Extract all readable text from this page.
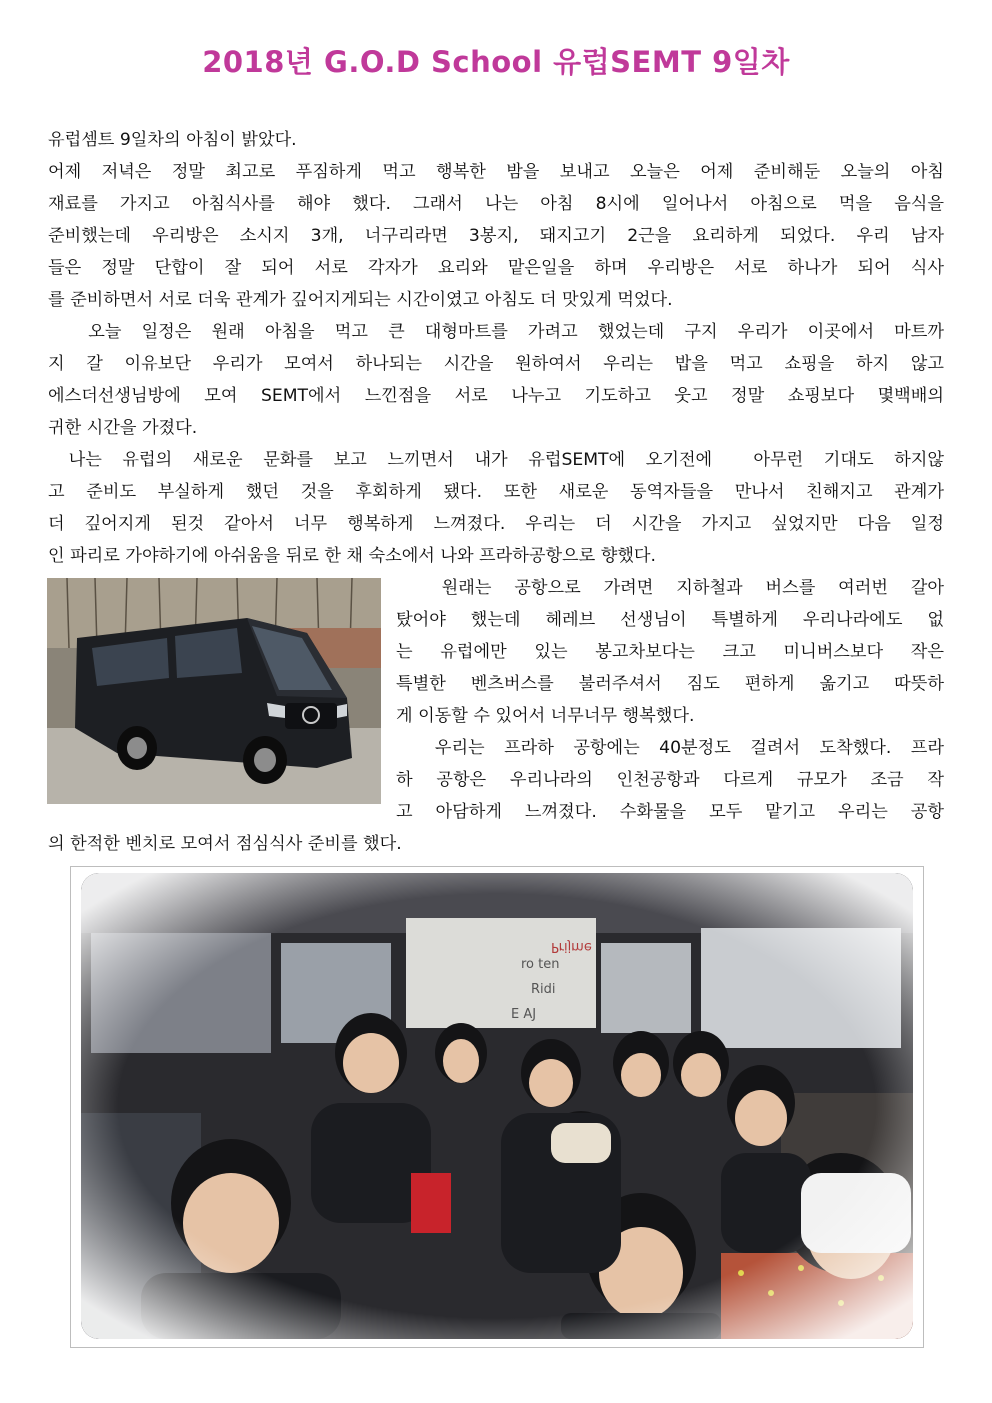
2018년 G.O.D School 유럽SEMT 9일차
유럽셈트 9일차의 아침이 밝았다.
어제 저녁은 정말 최고로 푸짐하게 먹고 행복한 밤을 보내고 오늘은 어제 준비해둔 오늘의 아침
재료를 가지고 아침식사를 해야 했다. 그래서 나는 아침 8시에 일어나서 아침으로 먹을 음식을
준비했는데 우리방은 소시지 3개, 너구리라면 3봉지, 돼지고기 2근을 요리하게 되었다. 우리 남자
들은 정말 단합이 잘 되어 서로 각자가 요리와 맡은일을 하며 우리방은 서로 하나가 되어 식사
를 준비하면서 서로 더욱 관계가 깊어지게되는 시간이였고 아침도 더 맛있게 먹었다.
오늘 일정은 원래 아침을 먹고 큰 대형마트를 가려고 했었는데 구지 우리가 이곳에서 마트까
지 갈 이유보단 우리가 모여서 하나되는 시간을 원하여서 우리는 밥을 먹고 쇼핑을 하지 않고
에스더선생님방에 모여 SEMT에서 느낀점을 서로 나누고 기도하고 웃고 정말 쇼핑보다 몇백배의
귀한 시간을 가졌다.
나는 유럽의 새로운 문화를 보고 느끼면서 내가 유럽SEMT에 오기전에  아무런 기대도 하지않
고 준비도 부실하게 했던 것을 후회하게 됐다. 또한 새로운 동역자들을 만나서 친해지고 관계가
더 깊어지게 된것 같아서 너무 행복하게 느껴졌다. 우리는 더 시간을 가지고 싶었지만 다음 일정
인 파리로 가야하기에 아쉬움을 뒤로 한 채 숙소에서 나와 프라하공항으로 향했다.
원래는 공항으로 가려면 지하철과 버스를 여러번 갈아
탔어야 했는데 헤레브 선생님이 특별하게 우리나라에도 없
는 유럽에만 있는 봉고차보다는 크고 미니버스보다 작은
특별한 벤츠버스를 불러주셔서 짐도 편하게 옮기고 따뜻하
게 이동할 수 있어서 너무너무 행복했다.
우리는 프라하 공항에는 40분정도 걸려서 도착했다. 프라
하 공항은 우리나라의 인천공항과 다르게 규모가 조금 작
고 아담하게 느껴졌다. 수화물을 모두 맡기고 우리는 공항
의 한적한 벤치로 모여서 점심식사 준비를 했다.
